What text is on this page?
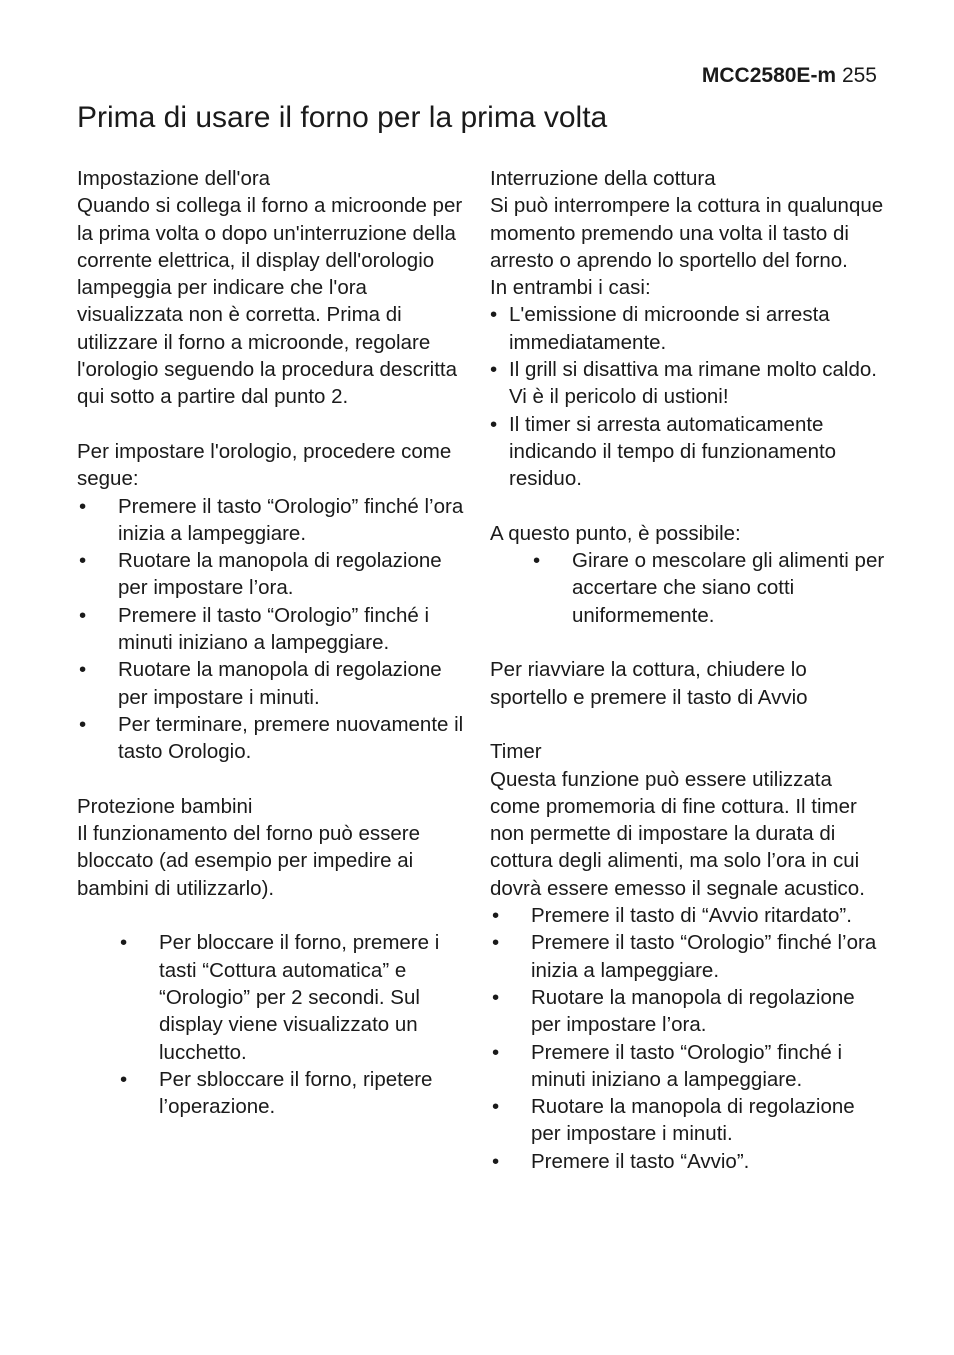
MCC2580E-m 255
Prima di usare il forno per la prima volta
Impostazione dell'ora

Quando si collega il forno a microonde per la prima volta o dopo un'interruzione della corrente elettrica, il display dell'orologio lampeggia per indicare che l'ora visualizzata non è corretta. Prima di utilizzare il forno a microonde, regolare l'orologio seguendo la procedura descritta qui sotto a partire dal punto 2.

Per impostare l'orologio, procedere come segue:

• Premere il tasto “Orologio” finché l’ora inizia a lampeggiare.
• Ruotare la manopola di regolazione per impostare l’ora.
• Premere il tasto “Orologio” finché i minuti iniziano a lampeggiare.
• Ruotare la manopola di regolazione per impostare i minuti.
• Per terminare, premere nuovamente il tasto Orologio.
Protezione bambini

Il funzionamento del forno può essere bloccato (ad esempio per impedire ai bambini di utilizzarlo).

• Per bloccare il forno, premere i tasti “Cottura automatica” e “Orologio” per 2 secondi. Sul display viene visualizzato un lucchetto.
• Per sbloccare il forno, ripetere l’operazione.
Interruzione della cottura

Si può interrompere la cottura in qualunque momento premendo una volta il tasto di arresto o aprendo lo sportello del forno.

In entrambi i casi:

• L'emissione di microonde si arresta immediatamente.
• Il grill si disattiva ma rimane molto caldo. Vi è il pericolo di ustioni!
• Il timer si arresta automaticamente indicando il tempo di funzionamento residuo.

A questo punto, è possibile:

• Girare o mescolare gli alimenti per accertare che siano cotti uniformemente.

Per riavviare la cottura, chiudere lo sportello e premere il tasto di Avvio

Timer

Questa funzione può essere utilizzata come promemoria di fine cottura. Il timer non permette di impostare la durata di cottura degli alimenti, ma solo l’ora in cui dovrà essere emesso il segnale acustico.

• Premere il tasto di “Avvio ritardato”.
• Premere il tasto “Orologio” finché l’ora inizia a lampeggiare.
• Ruotare la manopola di regolazione per impostare l’ora.
• Premere il tasto “Orologio” finché i minuti iniziano a lampeggiare.
• Ruotare la manopola di regolazione per impostare i minuti.
• Premere il tasto “Avvio”.
